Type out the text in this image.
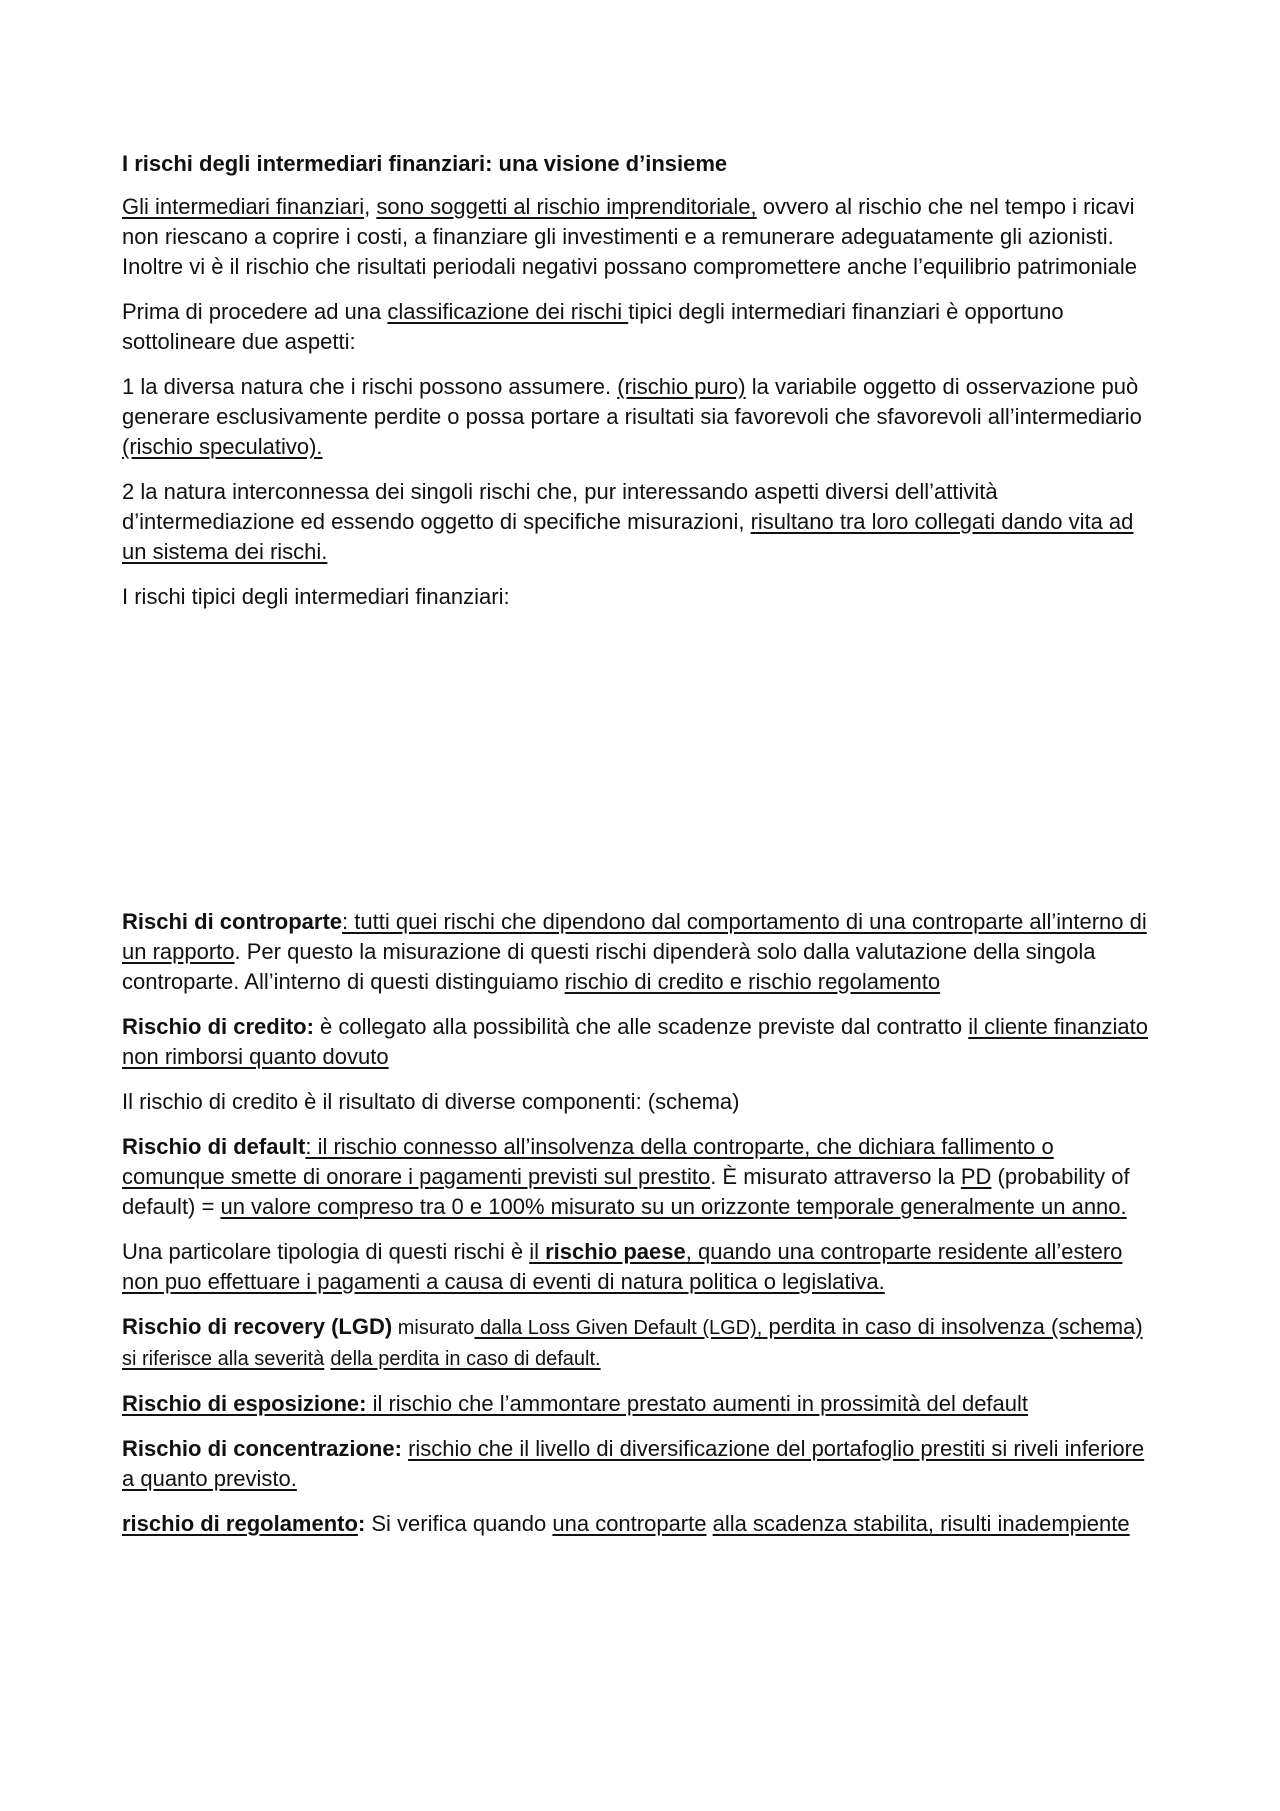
I rischi degli intermediari finanziari: una visione d’insieme

Gli intermediari finanziari, sono soggetti al rischio imprenditoriale, ovvero al rischio che nel tempo i ricavi non riescano a coprire i costi, a finanziare gli investimenti e a remunerare adeguatamente gli azionisti. Inoltre vi è il rischio che risultati periodali negativi possano compromettere anche l’equilibrio patrimoniale

Prima di procedere ad una classificazione dei rischi tipici degli intermediari finanziari è opportuno sottolineare due aspetti:

1 la diversa natura che i rischi possono assumere. (rischio puro) la variabile oggetto di osservazione può generare esclusivamente perdite o possa portare a risultati sia favorevoli che sfavorevoli all’intermediario (rischio speculativo).

2 la natura interconnessa dei singoli rischi che, pur interessando aspetti diversi dell’attività d’intermediazione ed essendo oggetto di specifiche misurazioni, risultano tra loro collegati dando vita ad un sistema dei rischi.

I rischi tipici degli intermediari finanziari:

Rischi di controparte: tutti quei rischi che dipendono dal comportamento di una controparte all’interno di un rapporto. Per questo la misurazione di questi rischi dipenderà solo dalla valutazione della singola controparte. All’interno di questi distinguiamo rischio di credito e rischio regolamento

Rischio di credito: è collegato alla possibilità che alle scadenze previste dal contratto il cliente finanziato non rimborsi quanto dovuto

Il rischio di credito è il risultato di diverse componenti: (schema)

Rischio di default: il rischio connesso all’insolvenza della controparte, che dichiara fallimento o comunque smette di onorare i pagamenti previsti sul prestito. È misurato attraverso la PD (probability of default) = un valore compreso tra 0 e 100% misurato su un orizzonte temporale generalmente un anno.

Una particolare tipologia di questi rischi è il rischio paese, quando una controparte residente all’estero non puo effettuare i pagamenti a causa di eventi di natura politica o legislativa.

Rischio di recovery (LGD) misurato dalla Loss Given Default (LGD), perdita in caso di insolvenza (schema) si riferisce alla severità della perdita in caso di default.

Rischio di esposizione: il rischio che l’ammontare prestato aumenti in prossimità del default

Rischio di concentrazione: rischio che il livello di diversificazione del portafoglio prestiti si riveli inferiore a quanto previsto.

rischio di regolamento: Si verifica quando una controparte alla scadenza stabilita, risulti inadempiente
